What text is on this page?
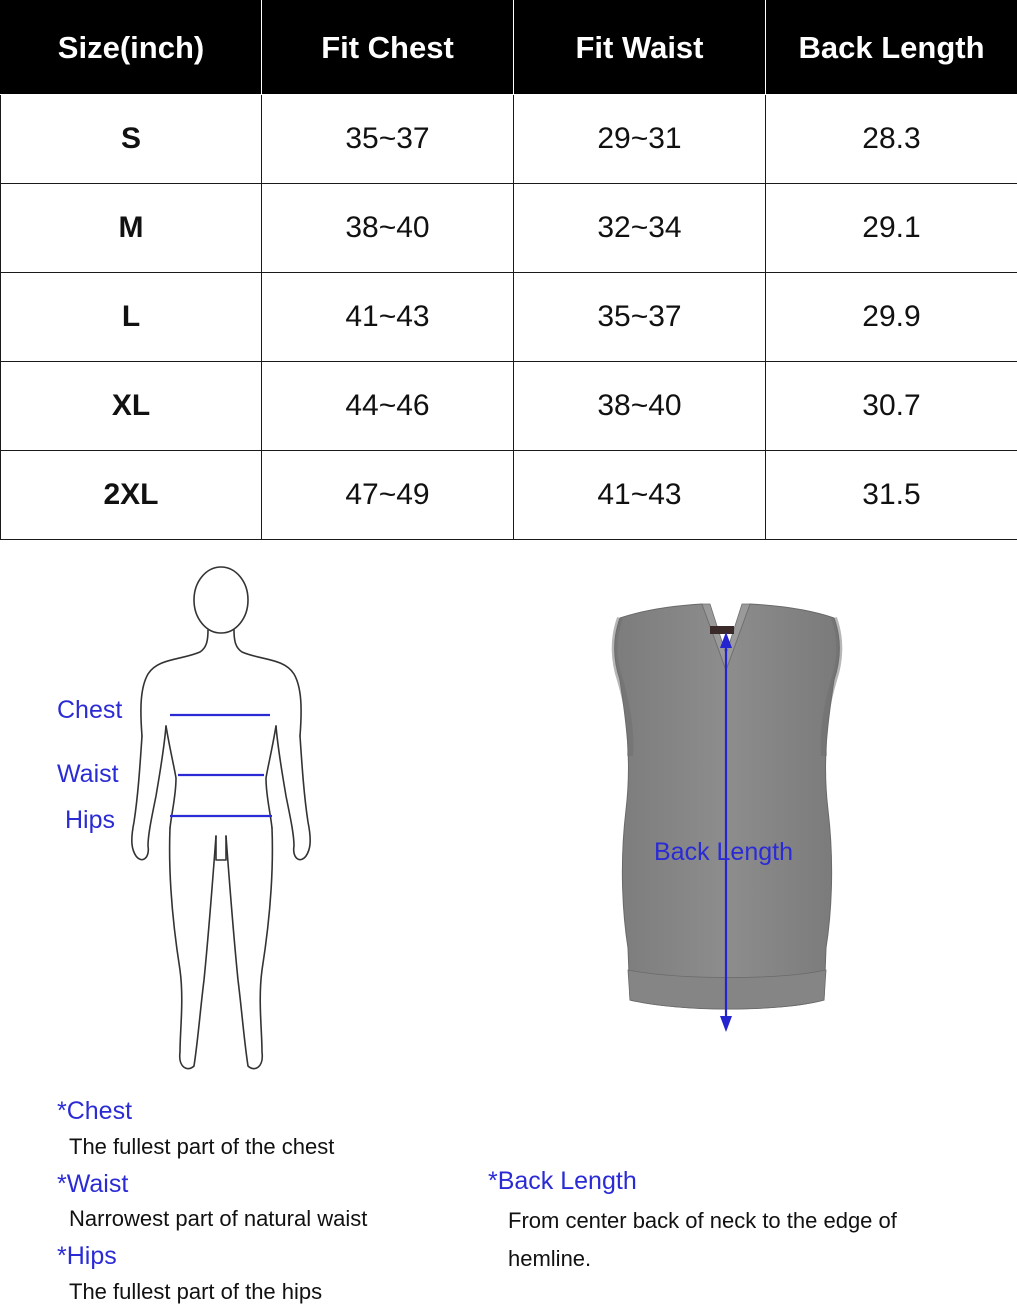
Size(inch)	Fit Chest	Fit Waist	Back Length
S	35~37	29~31	28.3
M	38~40	32~34	29.1
L	41~43	35~37	29.9
XL	44~46	38~40	30.7
2XL	47~49	41~43	31.5
Chest
Waist
Hips
Back Length
*Chest
The fullest part of the chest
*Waist
Narrowest part of natural waist
*Hips
The fullest part of the hips
*Back Length
From center back of neck to the edge of hemline.
